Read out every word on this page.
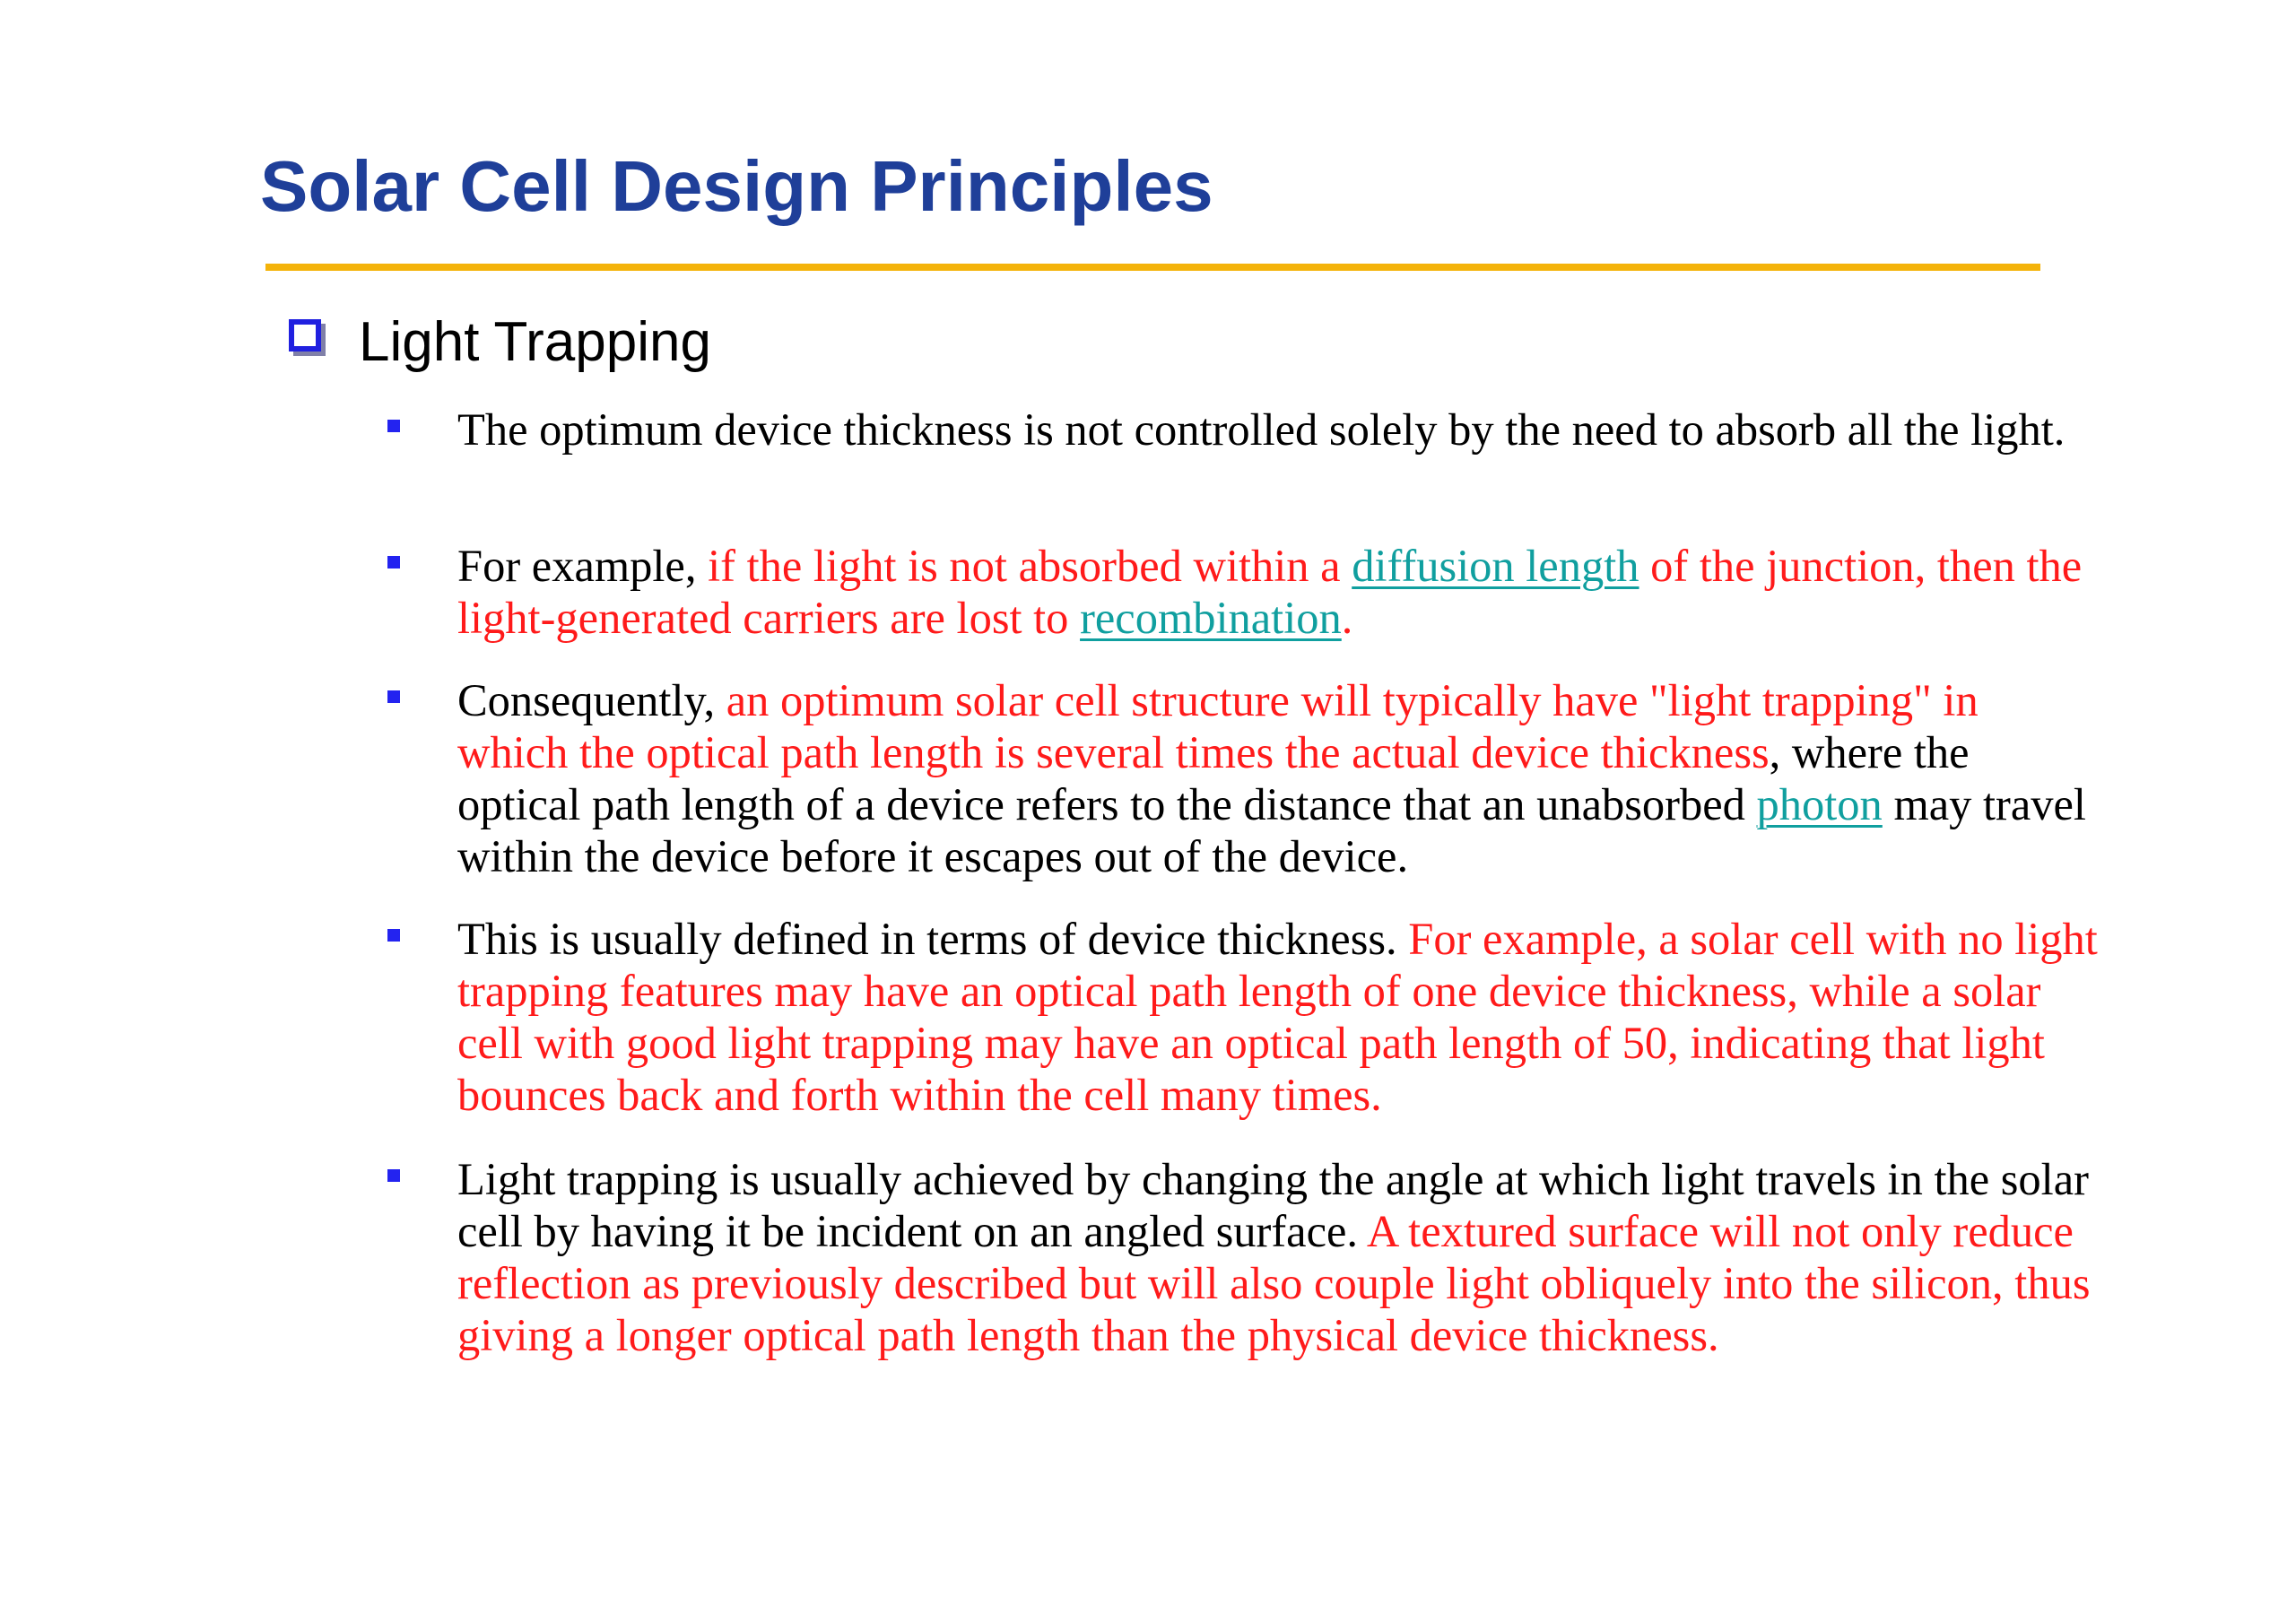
Solar Cell Design Principles
Light Trapping
The optimum device thickness is not controlled solely by the need to absorb all the light.
For example, if the light is not absorbed within a diffusion length of the junction, then the light-generated carriers are lost to recombination.
Consequently, an optimum solar cell structure will typically have "light trapping" in which the optical path length is several times the actual device thickness, where the optical path length of a device refers to the distance that an unabsorbed photon may travel within the device before it escapes out of the device.
This is usually defined in terms of device thickness. For example, a solar cell with no light trapping features may have an optical path length of one device thickness, while a solar cell with good light trapping may have an optical path length of 50, indicating that light bounces back and forth within the cell many times.
Light trapping is usually achieved by changing the angle at which light travels in the solar cell by having it be incident on an angled surface. A textured surface will not only reduce reflection as previously described but will also couple light obliquely into the silicon, thus giving a longer optical path length than the physical device thickness.
